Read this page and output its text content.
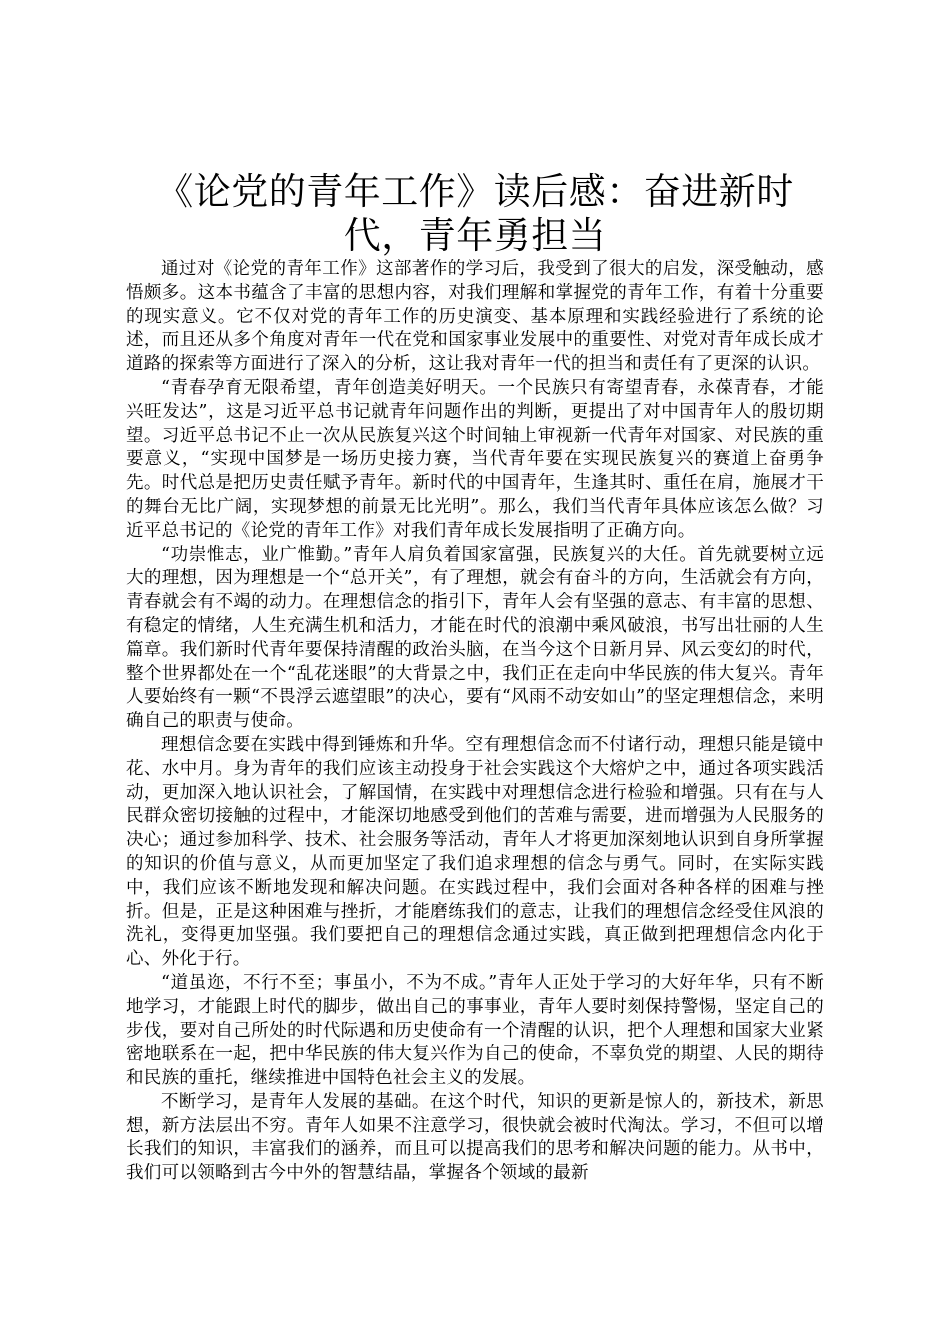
《论党的青年工作》读后感：奋进新时代，青年勇担当

通过对《论党的青年工作》这部著作的学习后，我受到了很大的启发，深受触动，感悟颇多。这本书蕴含了丰富的思想内容，对我们理解和掌握党的青年工作，有着十分重要的现实意义。它不仅对党的青年工作的历史演变、基本原理和实践经验进行了系统的论述，而且还从多个角度对青年一代在党和国家事业发展中的重要性、对党对青年成长成才道路的探索等方面进行了深入的分析，这让我对青年一代的担当和责任有了更深的认识。

“青春孕育无限希望，青年创造美好明天。一个民族只有寄望青春，永葆青春，才能兴旺发达”，这是习近平总书记就青年问题作出的判断，更提出了对中国青年人的殷切期望。习近平总书记不止一次从民族复兴这个时间轴上审视新一代青年对国家、对民族的重要意义，“实现中国梦是一场历史接力赛，当代青年要在实现民族复兴的赛道上奋勇争先。时代总是把历史责任赋予青年。新时代的中国青年，生逢其时、重任在肩，施展才干的舞台无比广阔，实现梦想的前景无比光明”。那么，我们当代青年具体应该怎么做？习近平总书记的《论党的青年工作》对我们青年成长发展指明了正确方向。

“功崇惟志，业广惟勤。”青年人肩负着国家富强，民族复兴的大任。首先就要树立远大的理想，因为理想是一个“总开关”，有了理想，就会有奋斗的方向，生活就会有方向，青春就会有不竭的动力。在理想信念的指引下，青年人会有坚强的意志、有丰富的思想、有稳定的情绪，人生充满生机和活力，才能在时代的浪潮中乘风破浪，书写出壮丽的人生篇章。我们新时代青年要保持清醒的政治头脑，在当今这个日新月异、风云变幻的时代，整个世界都处在一个“乱花迷眼”的大背景之中，我们正在走向中华民族的伟大复兴。青年人要始终有一颗“不畏浮云遮望眼”的决心，要有“风雨不动安如山”的坚定理想信念，来明确自己的职责与使命。

理想信念要在实践中得到锤炼和升华。空有理想信念而不付诸行动，理想只能是镜中花、水中月。身为青年的我们应该主动投身于社会实践这个大熔炉之中，通过各项实践活动，更加深入地认识社会，了解国情，在实践中对理想信念进行检验和增强。只有在与人民群众密切接触的过程中，才能深切地感受到他们的苦难与需要，进而增强为人民服务的决心；通过参加科学、技术、社会服务等活动，青年人才将更加深刻地认识到自身所掌握的知识的价值与意义，从而更加坚定了我们追求理想的信念与勇气。同时，在实际实践中，我们应该不断地发现和解决问题。在实践过程中，我们会面对各种各样的困难与挫折。但是，正是这种困难与挫折，才能磨练我们的意志，让我们的理想信念经受住风浪的洗礼，变得更加坚强。我们要把自己的理想信念通过实践，真正做到把理想信念内化于心、外化于行。

“道虽迩，不行不至；事虽小，不为不成。”青年人正处于学习的大好年华，只有不断地学习，才能跟上时代的脚步，做出自己的事事业，青年人要时刻保持警惕，坚定自己的步伐，要对自己所处的时代际遇和历史使命有一个清醒的认识，把个人理想和国家大业紧密地联系在一起，把中华民族的伟大复兴作为自己的使命，不辜负党的期望、人民的期待和民族的重托，继续推进中国特色社会主义的发展。

不断学习，是青年人发展的基础。在这个时代，知识的更新是惊人的，新技术，新思想，新方法层出不穷。青年人如果不注意学习，很快就会被时代淘汰。学习，不但可以增长我们的知识，丰富我们的涵养，而且可以提高我们的思考和解决问题的能力。从书中，我们可以领略到古今中外的智慧结晶，掌握各个领域的最新
